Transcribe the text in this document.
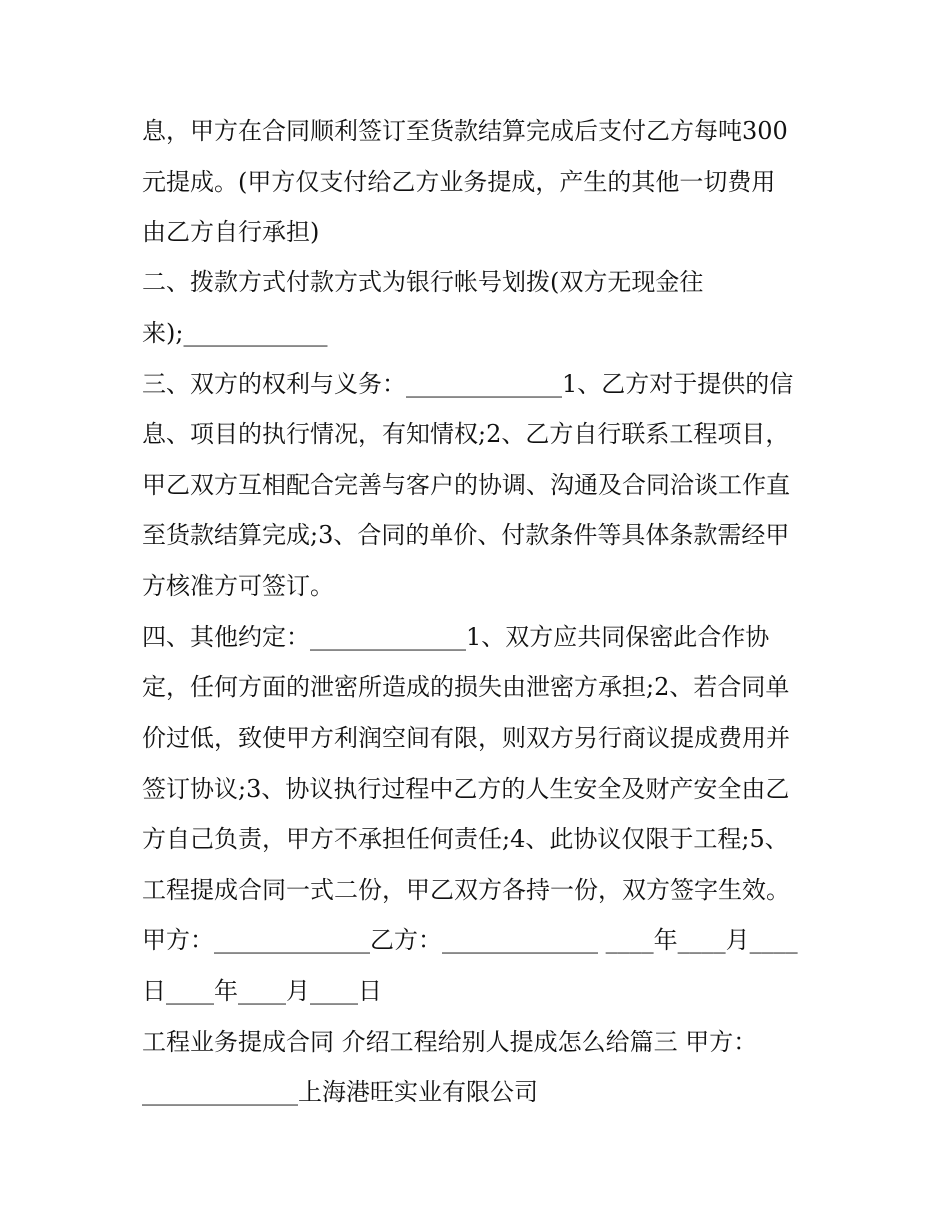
息，甲方在合同顺利签订至货款结算完成后支付乙方每吨300
元提成。(甲方仅支付给乙方业务提成，产生的其他一切费用
由乙方自行承担)
二、拨款方式付款方式为银行帐号划拨(双方无现金往
来);____________
三、双方的权利与义务：_____________1、乙方对于提供的信
息、项目的执行情况，有知情权;2、乙方自行联系工程项目，
甲乙双方互相配合完善与客户的协调、沟通及合同洽谈工作直
至货款结算完成;3、合同的单价、付款条件等具体条款需经甲
方核准方可签订。
四、其他约定：_____________1、双方应共同保密此合作协
定，任何方面的泄密所造成的损失由泄密方承担;2、若合同单
价过低，致使甲方利润空间有限，则双方另行商议提成费用并
签订协议;3、协议执行过程中乙方的人生安全及财产安全由乙
方自己负责，甲方不承担任何责任;4、此协议仅限于工程;5、
工程提成合同一式二份，甲乙双方各持一份，双方签字生效。
甲方：_____________乙方：_____________ ____年____月____
日____年____月____日
工程业务提成合同 介绍工程给别人提成怎么给篇三 甲方：
_____________上海港旺实业有限公司
